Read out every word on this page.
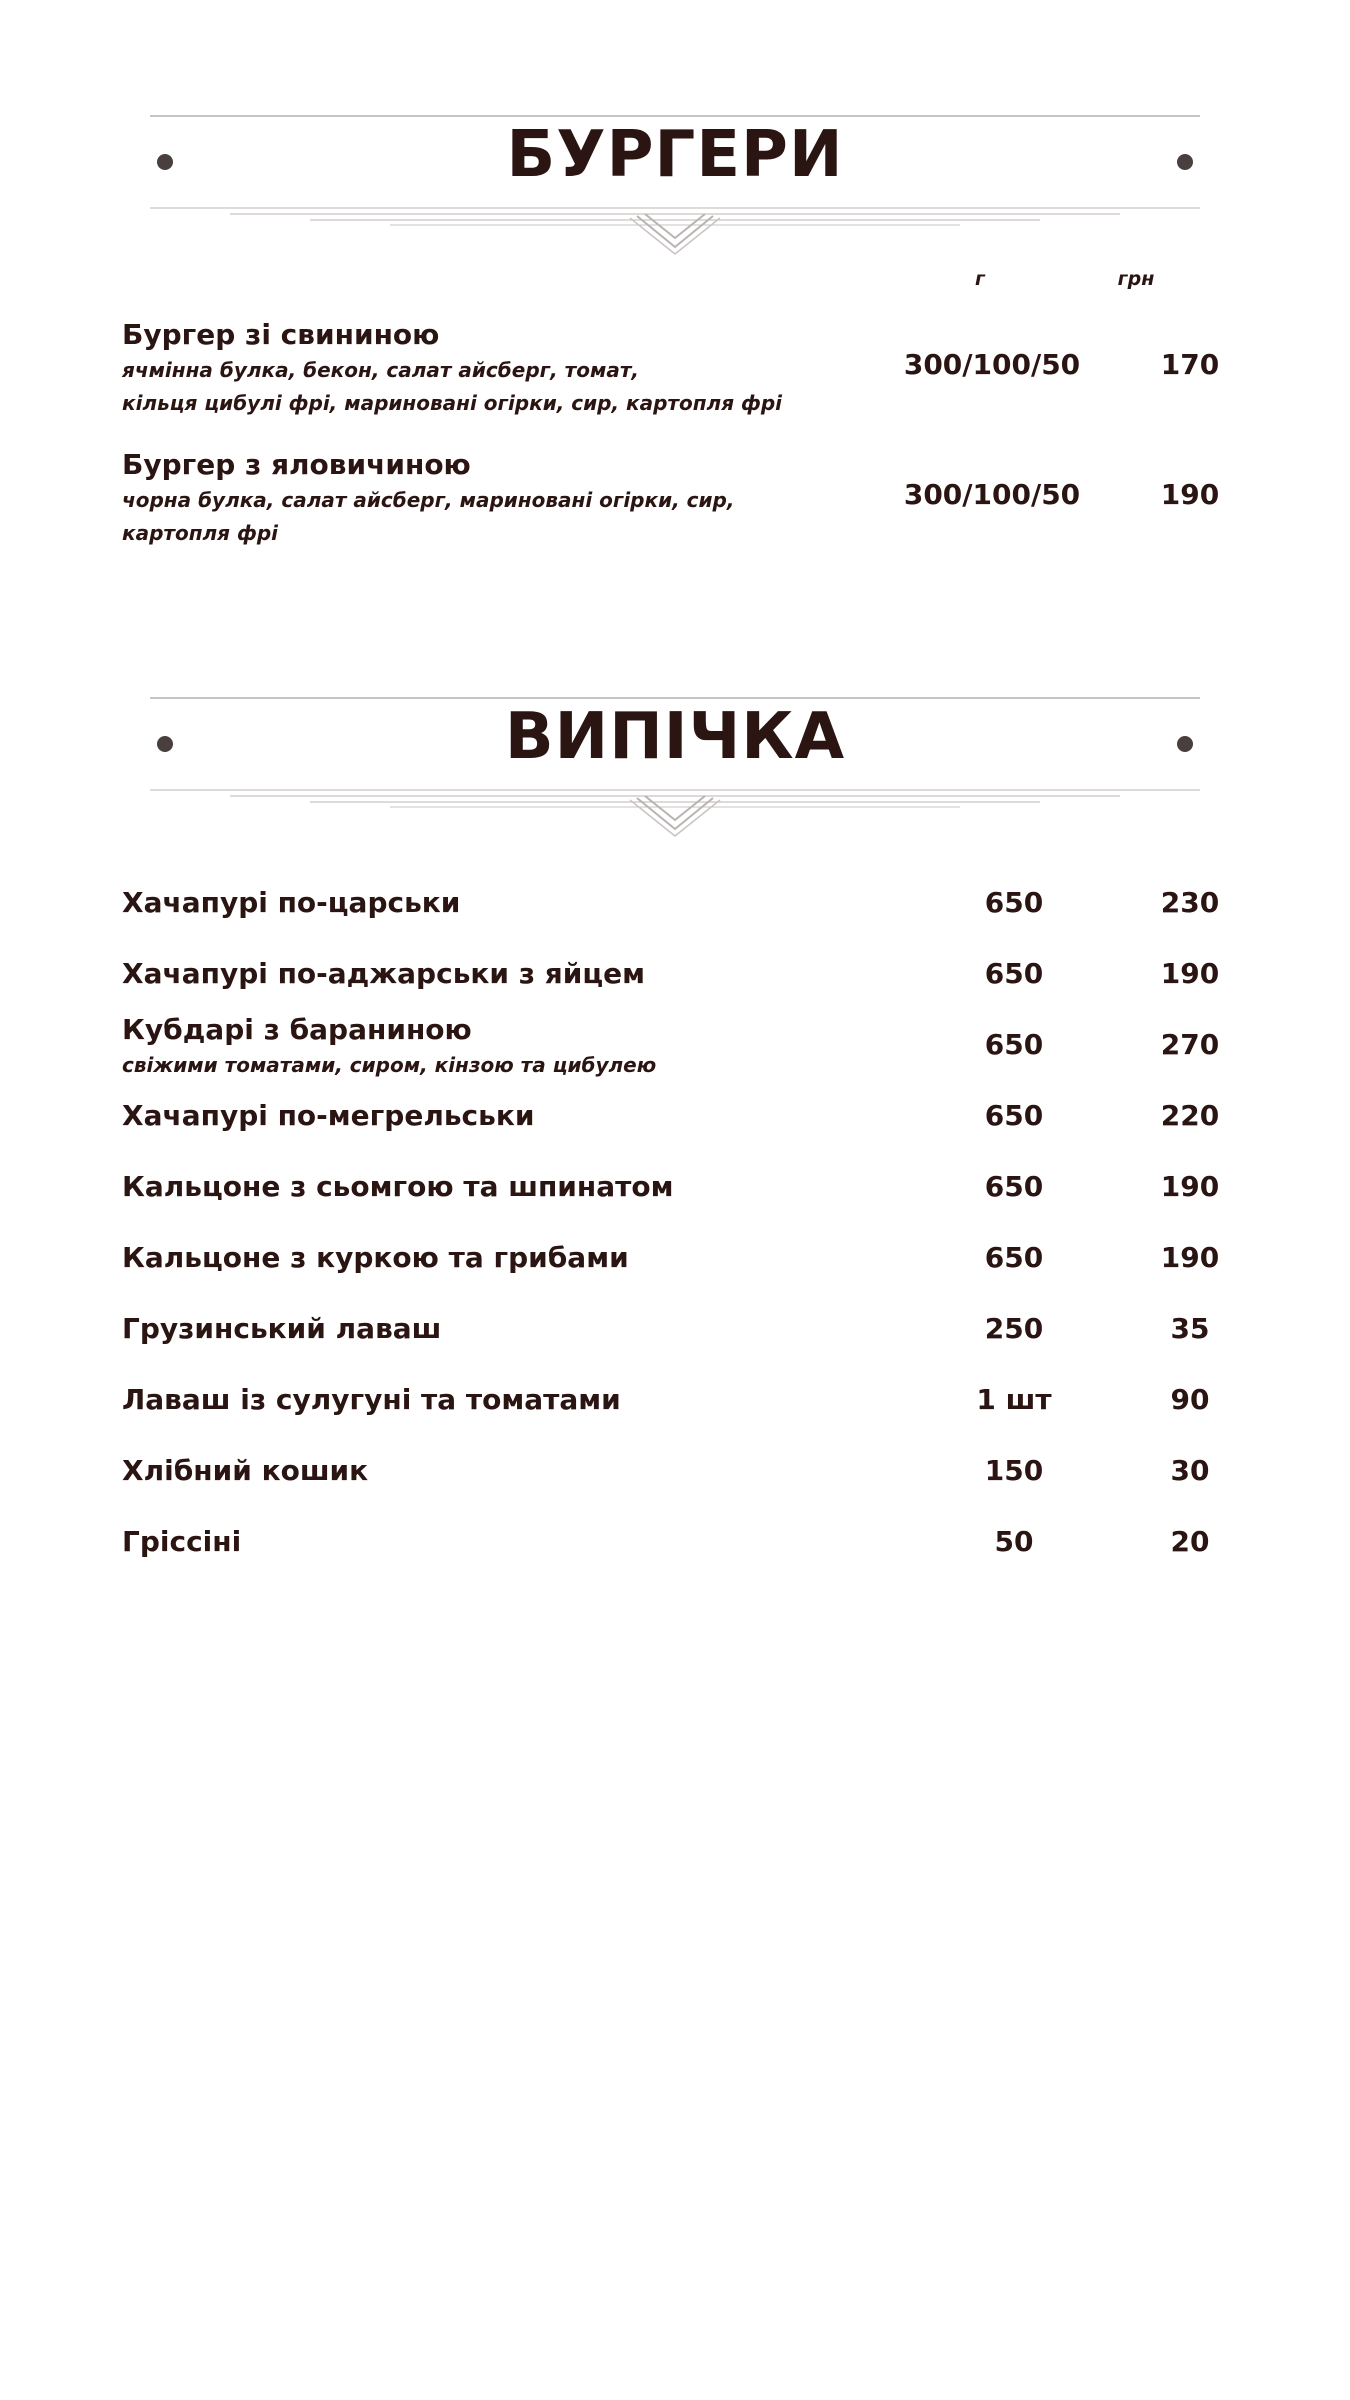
БУРГЕРИ
г	грн
Бургер зі свининою
ячмінна булка, бекон, салат айсберг, томат,
кільця цибулі фрі, мариновані огірки, сир, картопля фрі
300/100/50	170
Бургер з яловичиною
чорна булка, салат айсберг, мариновані огірки, сир,
картопля фрі
300/100/50	190
ВИПІЧКА
Хачапурі по-царськи	650	230
Хачапурі по-аджарськи з яйцем	650	190
Кубдарі з бараниною
свіжими томатами, сиром, кінзою та цибулею
650	270
Хачапурі по-мегрельськи	650	220
Кальцоне з сьомгою та шпинатом	650	190
Кальцоне з куркою та грибами	650	190
Грузинський лаваш	250	35
Лаваш із сулугуні та томатами	1 шт	90
Хлібний кошик	150	30
Гріссіні	50	20
